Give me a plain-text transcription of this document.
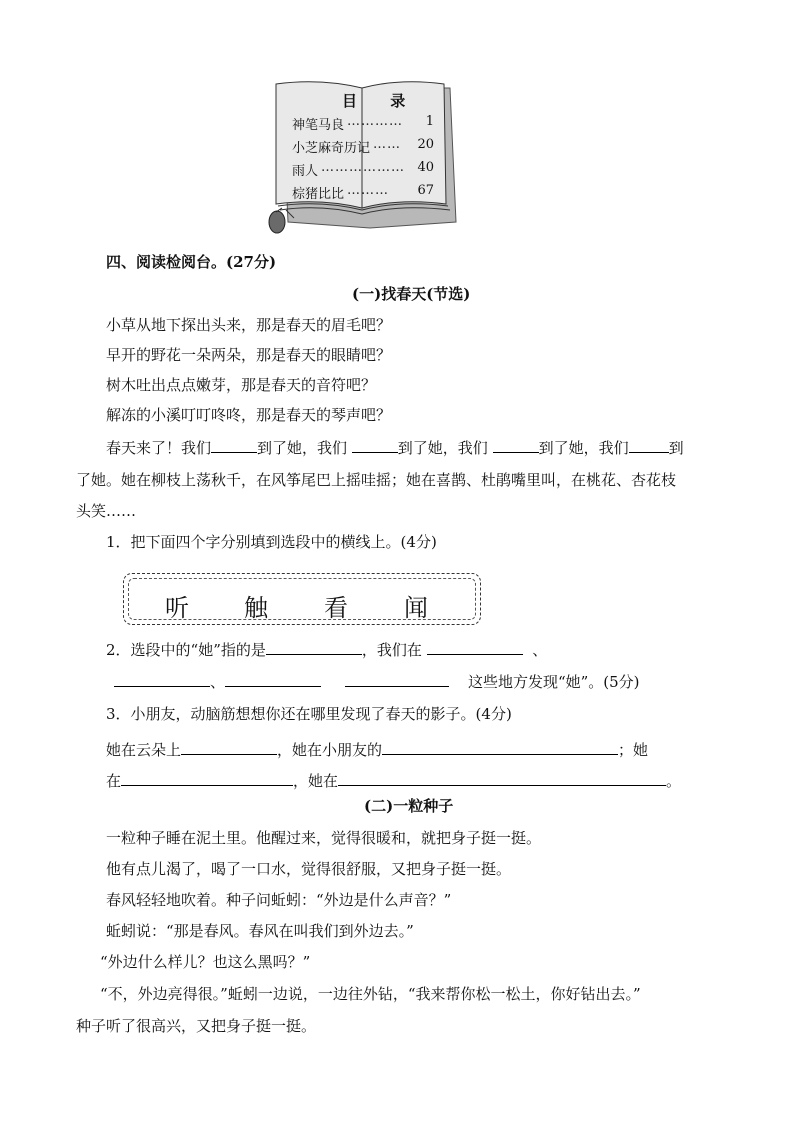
目 录
神笔马良 …………	1
小芝麻奇历记 ……	20
雨人 ……………… 40
棕猪比比 ………	67
四、阅读检阅台。(27分)
(一)找春天(节选)
小草从地下探出头来，那是春天的眉毛吧？
早开的野花一朵两朵，那是春天的眼睛吧？
树木吐出点点嫩芽，那是春天的音符吧？
解冻的小溪叮叮咚咚，那是春天的琴声吧？
春天来了！我们	到了她，我们	到了她，我们	到了她，我们	到
了她。她在柳枝上荡秋千，在风筝尾巴上摇哇摇；她在喜鹊、杜鹃嘴里叫，在桃花、杏花枝
头笑……
1．把下面四个字分别填到选段中的横线上。(4分)
听 触 看 闻
2．选段中的“她”指的是	，我们在	、
、	这些地方发现“她”。(5分)
3．小朋友，动脑筋想想你还在哪里发现了春天的影子。(4分)
她在云朵上	，她在小朋友的	；她
在	，她在	。
(二)一粒种子
一粒种子睡在泥土里。他醒过来，觉得很暖和，就把身子挺一挺。
他有点儿渴了，喝了一口水，觉得很舒服，又把身子挺一挺。
春风轻轻地吹着。种子问蚯蚓：“外边是什么声音？”
蚯蚓说：“那是春风。春风在叫我们到外边去。”
“外边什么样儿？也这么黑吗？”
“不，外边亮得很。”蚯蚓一边说，一边往外钻，“我来帮你松一松土，你好钻出去。”
种子听了很高兴，又把身子挺一挺。
